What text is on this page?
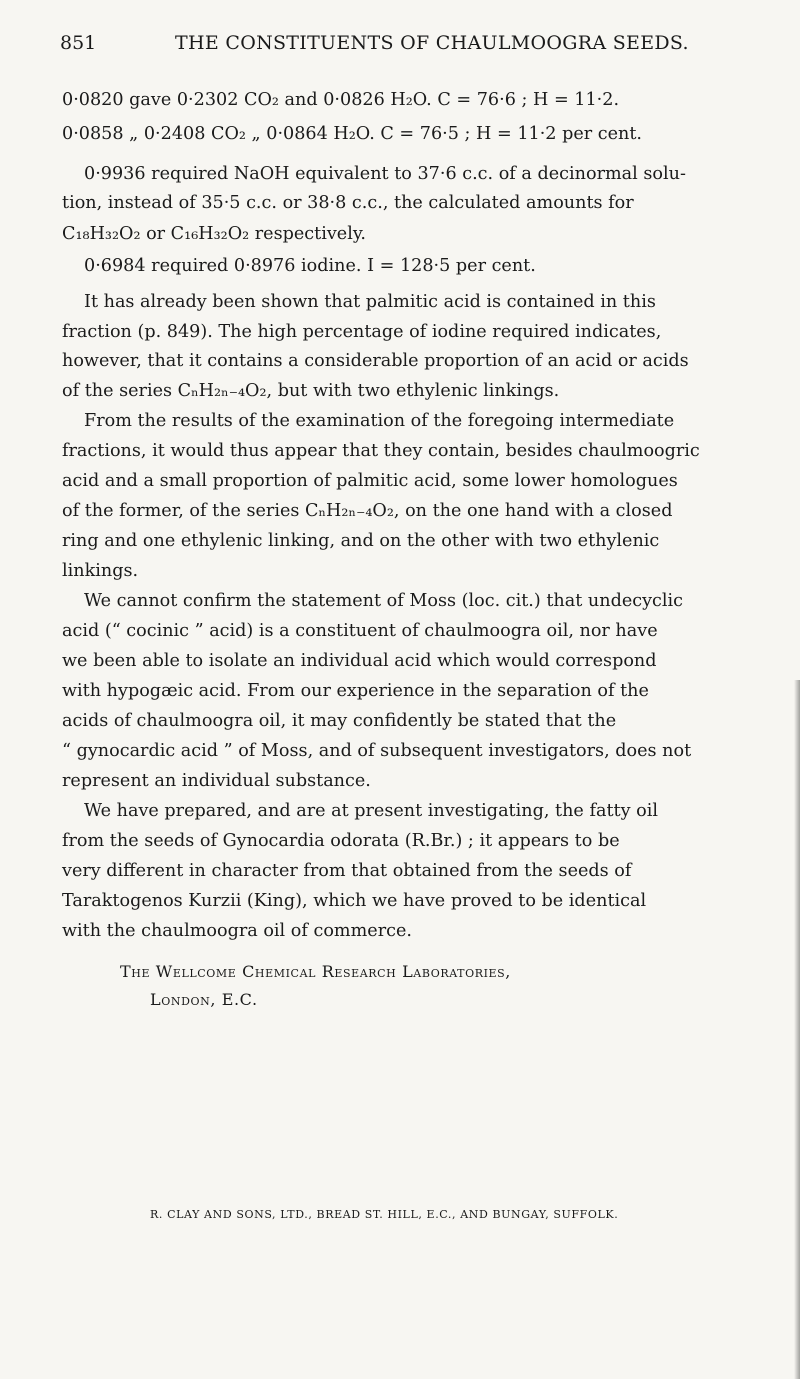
851	THE CONSTITUENTS OF CHAULMOOGRA SEEDS.
0·0820 gave 0·2302 CO₂ and 0·0826 H₂O. C = 76·6 ; H = 11·2.
0·0858 „ 0·2408 CO₂ „ 0·0864 H₂O. C = 76·5 ; H = 11·2 per cent.
0·9936 required NaOH equivalent to 37·6 c.c. of a decinormal solu-
tion, instead of 35·5 c.c. or 38·8 c.c., the calculated amounts for
C₁₈H₃₂O₂ or C₁₆H₃₂O₂ respectively.
0·6984 required 0·8976 iodine. I = 128·5 per cent.
It has already been shown that palmitic acid is contained in this
fraction (p. 849). The high percentage of iodine required indicates,
however, that it contains a considerable proportion of an acid or acids
of the series CₙH₂ₙ₋₄O₂, but with two ethylenic linkings.
From the results of the examination of the foregoing intermediate
fractions, it would thus appear that they contain, besides chaulmoogric
acid and a small proportion of palmitic acid, some lower homologues
of the former, of the series CₙH₂ₙ₋₄O₂, on the one hand with a closed
ring and one ethylenic linking, and on the other with two ethylenic
linkings.
We cannot confirm the statement of Moss (loc. cit.) that undecyclic
acid (“ cocinic ” acid) is a constituent of chaulmoogra oil, nor have
we been able to isolate an individual acid which would correspond
with hypogæic acid. From our experience in the separation of the
acids of chaulmoogra oil, it may confidently be stated that the
“ gynocardic acid ” of Moss, and of subsequent investigators, does not
represent an individual substance.
We have prepared, and are at present investigating, the fatty oil
from the seeds of Gynocardia odorata (R.Br.) ; it appears to be
very different in character from that obtained from the seeds of
Taraktogenos Kurzii (King), which we have proved to be identical
with the chaulmoogra oil of commerce.
The Wellcome Chemical Research Laboratories,
London, E.C.
R. CLAY AND SONS, LTD., BREAD ST. HILL, E.C., AND BUNGAY, SUFFOLK.
